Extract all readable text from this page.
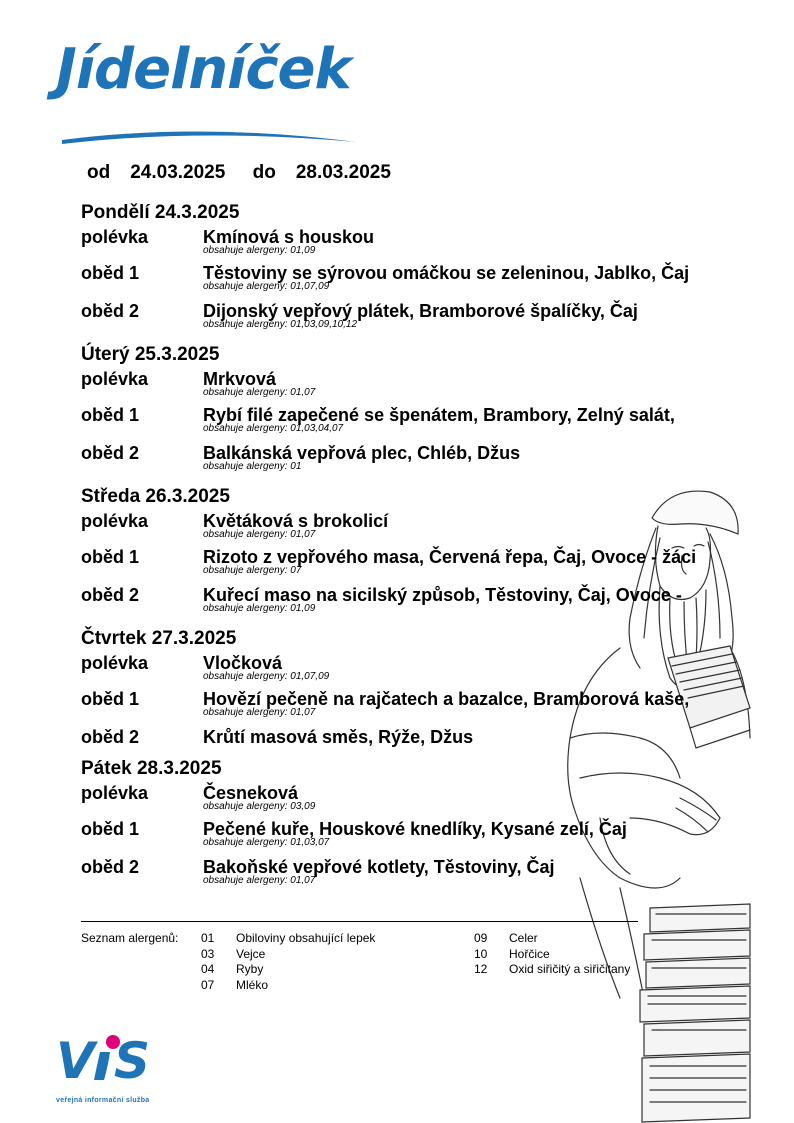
Jídelníček
od 24.03.2025 do 28.03.2025
Pondělí 24.3.2025
polévka	Kmínová s houskou
obsahuje alergeny: 01,09
oběd 1	Těstoviny se sýrovou omáčkou se zeleninou, Jablko, Čaj
obsahuje alergeny: 01,07,09
oběd 2	Dijonský vepřový plátek, Bramborové špalíčky, Čaj
obsahuje alergeny: 01,03,09,10,12
Úterý 25.3.2025
polévka	Mrkvová
obsahuje alergeny: 01,07
oběd 1	Rybí filé zapečené se špenátem, Brambory, Zelný salát,
obsahuje alergeny: 01,03,04,07
oběd 2	Balkánská vepřová plec, Chléb, Džus
obsahuje alergeny: 01
Středa 26.3.2025
polévka	Květáková s brokolicí
obsahuje alergeny: 01,07
oběd 1	Rizoto z vepřového masa, Červená řepa, Čaj, Ovoce - žáci
obsahuje alergeny: 07
oběd 2	Kuřecí maso na sicilský způsob, Těstoviny, Čaj, Ovoce -
obsahuje alergeny: 01,09
Čtvrtek 27.3.2025
polévka	Vločková
obsahuje alergeny: 01,07,09
oběd 1	Hovězí pečeně na rajčatech a bazalce, Bramborová kaše,
obsahuje alergeny: 01,07
oběd 2	Krůtí masová směs, Rýže, Džus
Pátek 28.3.2025
polévka	Česneková
obsahuje alergeny: 03,09
oběd 1	Pečené kuře, Houskové knedlíky, Kysané zelí, Čaj
obsahuje alergeny: 01,03,07
oběd 2	Bakoňské vepřové kotlety, Těstoviny, Čaj
obsahuje alergeny: 01,07
Seznam alergenů: 01 Obiloviny obsahující lepek
03 Vejce
04 Ryby
07 Mléko
09 Celer
10 Hořčice
12 Oxid siřičitý a siřičitany
V S
veřejná informační služba
